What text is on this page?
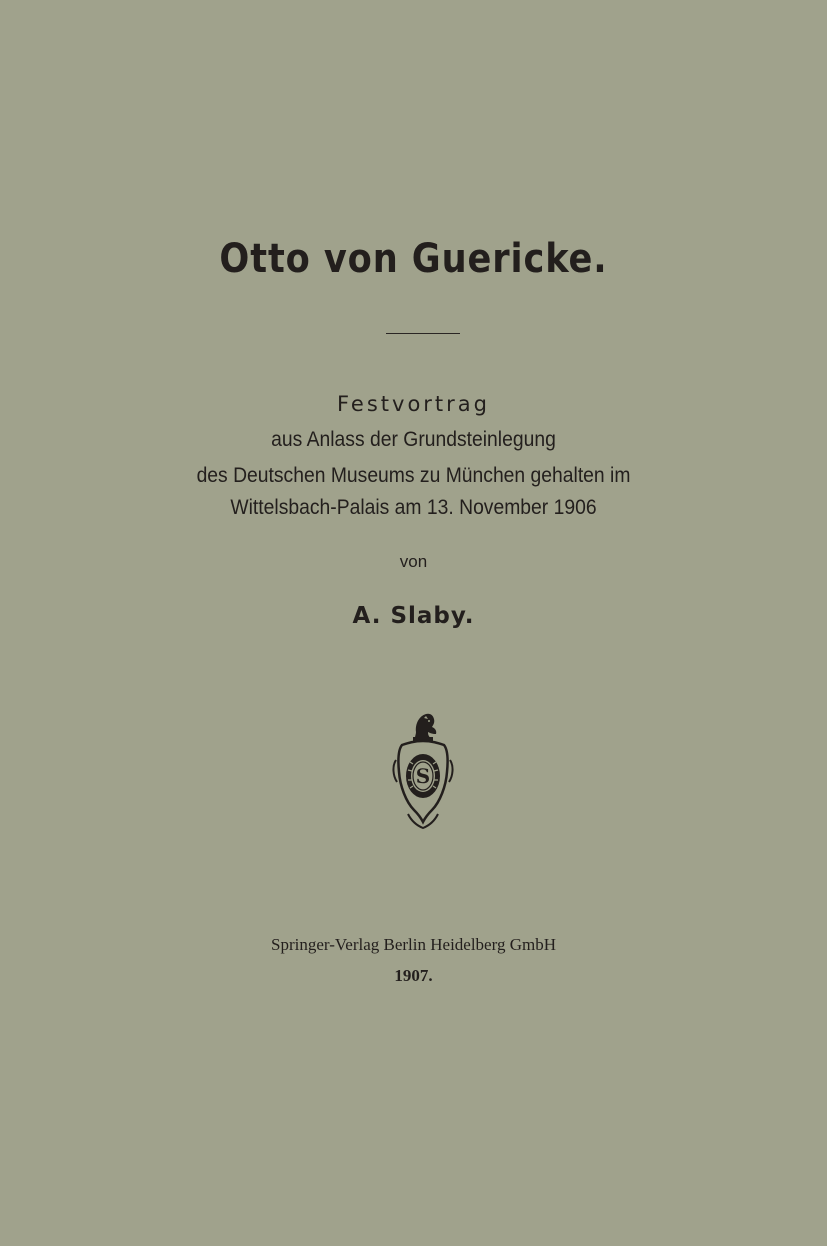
Otto von Guericke.
Festvortrag
aus Anlass der Grundsteinlegung
des Deutschen Museums zu München gehalten im
Wittelsbach-Palais am 13. November 1906
von
A. Slaby.
S
Springer-Verlag Berlin Heidelberg GmbH
1907.
